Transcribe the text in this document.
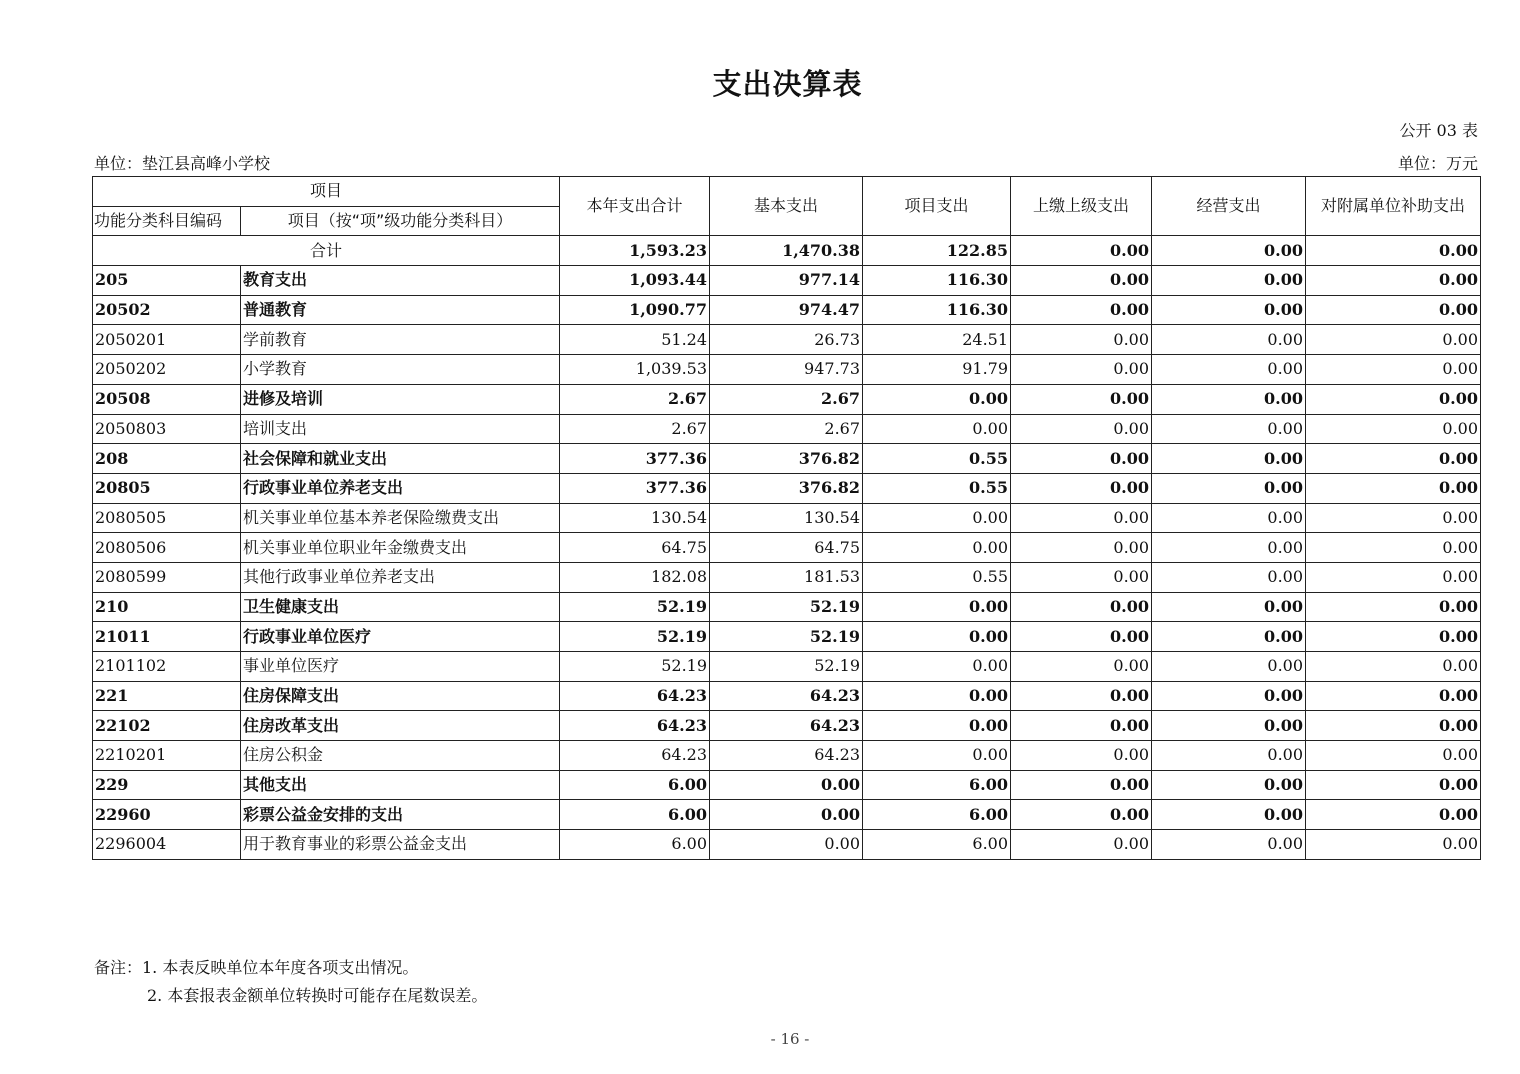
支出决算表
公开 03 表
单位：垫江县高峰小学校	单位：万元
项目		本年支出合计	基本支出	项目支出	上缴上级支出	经营支出	对附属单位补助支出
功能分类科目编码	项目（按“项”级功能分类科目）						
合计		1,593.23	1,470.38	122.85	0.00	0.00	0.00
205	教育支出	1,093.44	977.14	116.30	0.00	0.00	0.00
20502	普通教育	1,090.77	974.47	116.30	0.00	0.00	0.00
2050201	学前教育	51.24	26.73	24.51	0.00	0.00	0.00
2050202	小学教育	1,039.53	947.73	91.79	0.00	0.00	0.00
20508	进修及培训	2.67	2.67	0.00	0.00	0.00	0.00
2050803	培训支出	2.67	2.67	0.00	0.00	0.00	0.00
208	社会保障和就业支出	377.36	376.82	0.55	0.00	0.00	0.00
20805	行政事业单位养老支出	377.36	376.82	0.55	0.00	0.00	0.00
2080505	机关事业单位基本养老保险缴费支出	130.54	130.54	0.00	0.00	0.00	0.00
2080506	机关事业单位职业年金缴费支出	64.75	64.75	0.00	0.00	0.00	0.00
2080599	其他行政事业单位养老支出	182.08	181.53	0.55	0.00	0.00	0.00
210	卫生健康支出	52.19	52.19	0.00	0.00	0.00	0.00
21011	行政事业单位医疗	52.19	52.19	0.00	0.00	0.00	0.00
2101102	事业单位医疗	52.19	52.19	0.00	0.00	0.00	0.00
221	住房保障支出	64.23	64.23	0.00	0.00	0.00	0.00
22102	住房改革支出	64.23	64.23	0.00	0.00	0.00	0.00
2210201	住房公积金	64.23	64.23	0.00	0.00	0.00	0.00
229	其他支出	6.00	0.00	6.00	0.00	0.00	0.00
22960	彩票公益金安排的支出	6.00	0.00	6.00	0.00	0.00	0.00
2296004	用于教育事业的彩票公益金支出	6.00	0.00	6.00	0.00	0.00	0.00
备注：1. 本表反映单位本年度各项支出情况。
2. 本套报表金额单位转换时可能存在尾数误差。
- 16 -
